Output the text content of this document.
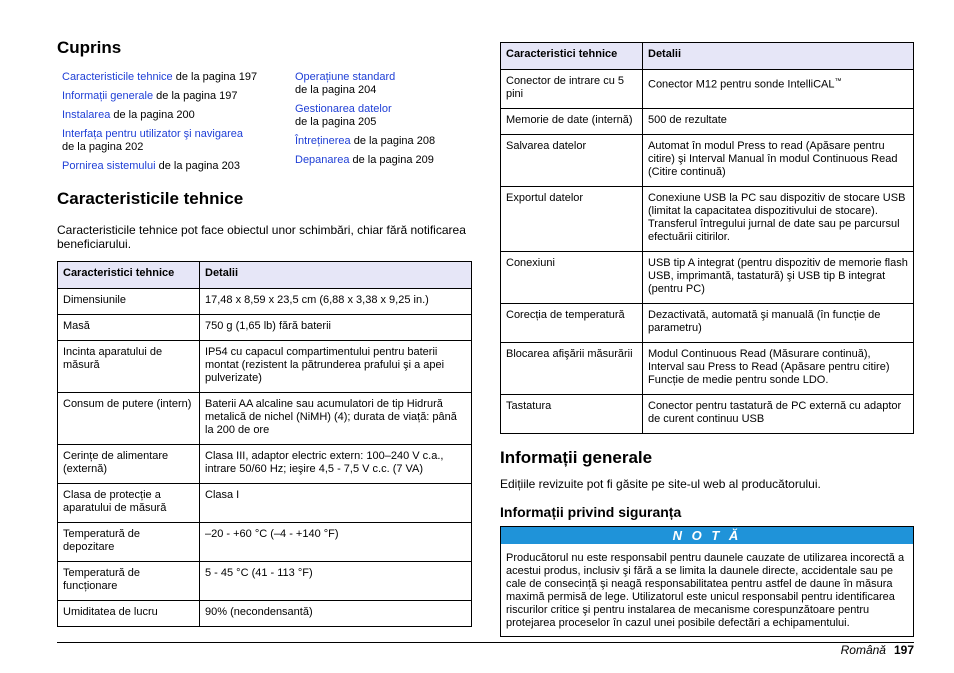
Cuprins
Caracteristicile tehnice de la pagina 197
Informații generale de la pagina 197
Instalarea de la pagina 200
Interfața pentru utilizator şi navigarea
de la pagina 202
Pornirea sistemului de la pagina 203
Operațiune standard
de la pagina 204
Gestionarea datelor
de la pagina 205
Întreținerea de la pagina 208
Depanarea de la pagina 209
Caracteristicile tehnice

Caracteristicile tehnice pot face obiectul unor schimbări, chiar fără notificarea beneficiarului.

Caracteristici tehnice	Detalii
Dimensiunile	17,48 x 8,59 x 23,5 cm (6,88 x 3,38 x 9,25 in.)
Masă	750 g (1,65 lb) fără baterii
Incinta aparatului de măsură	IP54 cu capacul compartimentului pentru baterii montat (rezistent la pătrunderea prafului şi a apei pulverizate)
Consum de putere (intern)	Baterii AA alcaline sau acumulatori de tip Hidrură metalică de nichel (NiMH) (4); durata de viață: până la 200 de ore
Cerințe de alimentare (externă)	Clasa III, adaptor electric extern: 100–240 V c.a., intrare 50/60 Hz; ieşire 4,5 - 7,5 V c.c. (7 VA)
Clasa de protecție a aparatului de măsură	Clasa I
Temperatură de depozitare	–20 - +60 °C (–4 - +140 °F)
Temperatură de funcționare	5 - 45 °C (41 - 113 °F)
Umiditatea de lucru	90% (necondensantă)
Caracteristici tehnice	Detalii
Conector de intrare cu 5 pini	Conector M12 pentru sonde IntelliCAL™
Memorie de date (internă)	500 de rezultate
Salvarea datelor	Automat în modul Press to read (Apăsare pentru citire) şi Interval Manual în modul Continuous Read (Citire continuă)
Exportul datelor	Conexiune USB la PC sau dispozitiv de stocare USB (limitat la capacitatea dispozitivului de stocare). Transferul întregului jurnal de date sau pe parcursul efectuării citirilor.
Conexiuni	USB tip A integrat (pentru dispozitiv de memorie flash USB, imprimantă, tastatură) şi USB tip B integrat (pentru PC)
Corecția de temperatură	Dezactivată, automată şi manuală (în funcție de parametru)
Blocarea afişării măsurării	Modul Continuous Read (Măsurare continuă), Interval sau Press to Read (Apăsare pentru citire) Funcție de medie pentru sonde LDO.
Tastatura	Conector pentru tastatură de PC externă cu adaptor de curent continuu USB
Informații generale

Edițiile revizuite pot fi găsite pe site-ul web al producătorului.

Informații privind siguranța
N O T Ă
Producătorul nu este responsabil pentru daunele cauzate de utilizarea incorectă a acestui produs, inclusiv şi fără a se limita la daunele directe, accidentale sau pe cale de consecință şi neagă responsabilitatea pentru astfel de daune în măsura maximă permisă de lege. Utilizatorul este unicul responsabil pentru identificarea riscurilor critice şi pentru instalarea de mecanisme corespunzătoare pentru protejarea proceselor în cazul unei posibile defectări a echipamentului.
Română 197
